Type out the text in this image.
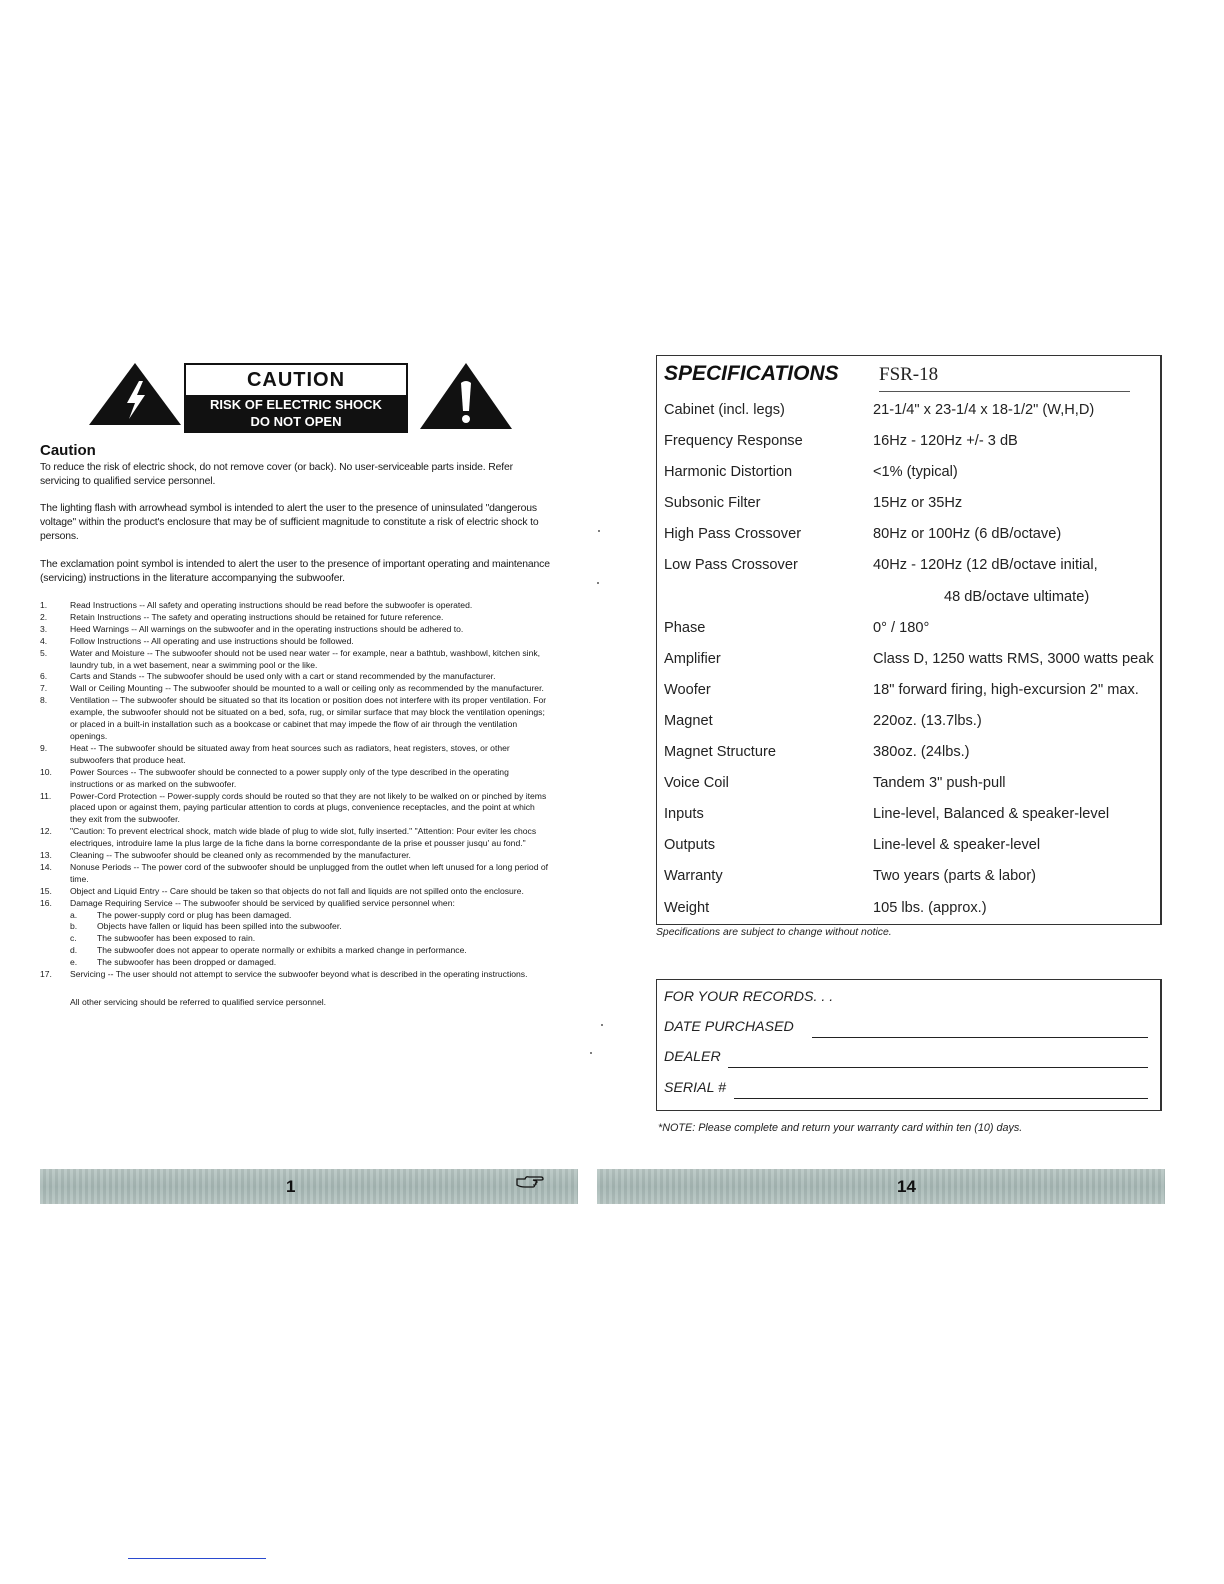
CAUTION
RISK OF ELECTRIC SHOCK
DO NOT OPEN
Caution

To reduce the risk of electric shock, do not remove cover (or back). No user-serviceable parts inside. Refer servicing to qualified service personnel.

The lighting flash with arrowhead symbol is intended to alert the user to the presence of uninsulated "dangerous voltage" within the product's enclosure that may be of sufficient magnitude to constitute a risk of electric shock to persons.

The exclamation point symbol is intended to alert the user to the presence of important operating and maintenance (servicing) instructions in the literature accompanying the subwoofer.

1.	Read Instructions -- All safety and operating instructions should be read before the subwoofer is operated.
2.	Retain Instructions -- The safety and operating instructions should be retained for future reference.
3.	Heed Warnings -- All warnings on the subwoofer and in the operating instructions should be adhered to.
4.	Follow Instructions -- All operating and use instructions should be followed.
5.	Water and Moisture -- The subwoofer should not be used near water -- for example, near a bathtub, washbowl, kitchen sink, laundry tub, in a wet basement, near a swimming pool or the like.
6.	Carts and Stands -- The subwoofer should be used only with a cart or stand recommended by the manufacturer.
7.	Wall or Ceiling Mounting -- The subwoofer should be mounted to a wall or ceiling only as recommended by the manufacturer.
8.	Ventilation -- The subwoofer should be situated so that its location or position does not interfere with its proper ventilation. For example, the subwoofer should not be situated on a bed, sofa, rug, or similar surface that may block the ventilation openings; or placed in a built-in installation such as a bookcase or cabinet that may impede the flow of air through the ventilation openings.
9.	Heat -- The subwoofer should be situated away from heat sources such as radiators, heat registers, stoves, or other subwoofers that produce heat.
10. Power Sources -- The subwoofer should be connected to a power supply only of the type described in the operating instructions or as marked on the subwoofer.
11. Power-Cord Protection -- Power-supply cords should be routed so that they are not likely to be walked on or pinched by items placed upon or against them, paying particular attention to cords at plugs, convenience receptacles, and the point at which they exit from the subwoofer.
12. "Caution: To prevent electrical shock, match wide blade of plug to wide slot, fully inserted." "Attention: Pour eviter les chocs electriques, introduire lame la plus large de la fiche dans la borne correspondante de la prise et pousser jusqu' au fond."
13. Cleaning -- The subwoofer should be cleaned only as recommended by the manufacturer.
14. Nonuse Periods -- The power cord of the subwoofer should be unplugged from the outlet when left unused for a long period of time.
15. Object and Liquid Entry -- Care should be taken so that objects do not fall and liquids are not spilled onto the enclosure.
16. Damage Requiring Service -- The subwoofer should be serviced by qualified service personnel when:
a. The power-supply cord or plug has been damaged.
b. Objects have fallen or liquid has been spilled into the subwoofer.
c. The subwoofer has been exposed to rain.
d. The subwoofer does not appear to operate normally or exhibits a marked change in performance.
e. The subwoofer has been dropped or damaged.
17. Servicing -- The user should not attempt to service the subwoofer beyond what is described in the operating instructions.
All other servicing should be referred to qualified service personnel.
SPECIFICATIONS FSR-18
Cabinet (incl. legs)	21-1/4" x 23-1/4 x 18-1/2" (W,H,D)
Frequency Response	16Hz - 120Hz +/- 3 dB
Harmonic Distortion	<1% (typical)
Subsonic Filter	15Hz or 35Hz
High Pass Crossover	80Hz or 100Hz (6 dB/octave)
Low Pass Crossover	40Hz - 120Hz (12 dB/octave initial,
48 dB/octave ultimate)
Phase	0° / 180°
Amplifier	Class D, 1250 watts RMS, 3000 watts peak
Woofer	18" forward firing, high-excursion 2" max.
Magnet	220oz. (13.7lbs.)
Magnet Structure	380oz. (24lbs.)
Voice Coil	Tandem 3" push-pull
Inputs	Line-level, Balanced & speaker-level
Outputs	Line-level & speaker-level
Warranty	Two years (parts & labor)
Weight	105 lbs. (approx.)
Specifications are subject to change without notice.
FOR YOUR RECORDS. . .
DATE PURCHASED
DEALER
SERIAL #
*NOTE: Please complete and return your warranty card within ten (10) days.
1	14
